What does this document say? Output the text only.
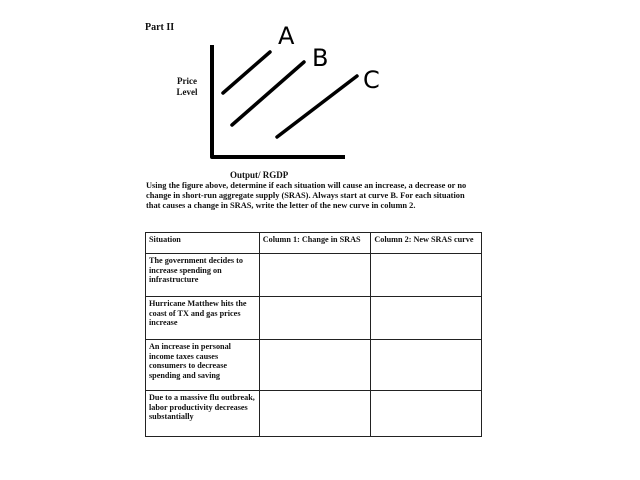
Part II
Price
Level
A
B
C
Output/ RGDP
Using the figure above, determine if each situation will cause an increase, a decrease or no change in short-run aggregate supply (SRAS). Always start at curve B. For each situation that causes a change in SRAS, write the letter of the new curve in column 2.
Situation	Column 1: Change in SRAS	Column 2: New SRAS curve
The government decides to increase spending on infrastructure		
Hurricane Matthew hits the coast of TX and gas prices increase		
An increase in personal income taxes causes consumers to decrease spending and saving		
Due to a massive flu outbreak, labor productivity decreases substantially		
